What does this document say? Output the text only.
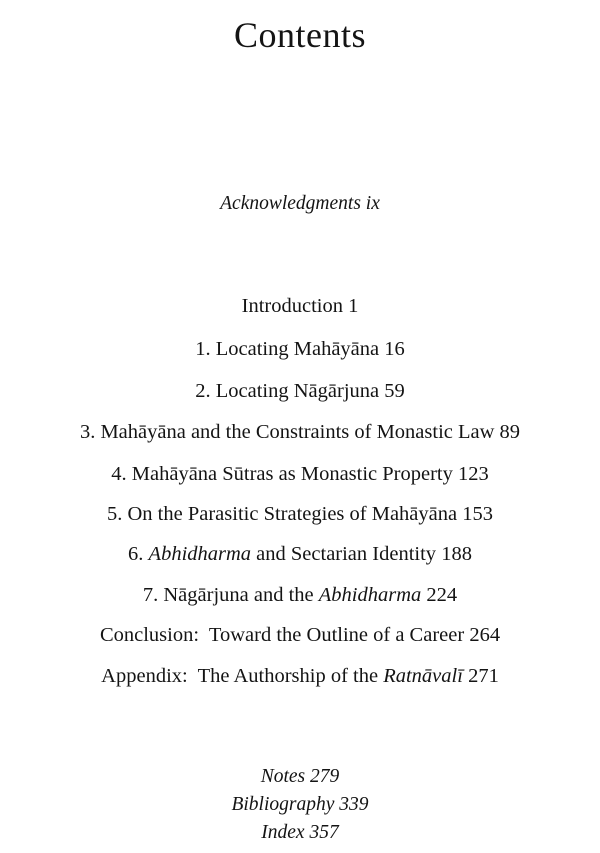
Contents
Acknowledgments ix
Introduction 1
1. Locating Mahāyāna 16
2. Locating Nāgārjuna 59
3. Mahāyāna and the Constraints of Monastic Law 89
4. Mahāyāna Sūtras as Monastic Property 123
5. On the Parasitic Strategies of Mahāyāna 153
6. Abhidharma and Sectarian Identity 188
7. Nāgārjuna and the Abhidharma 224
Conclusion:  Toward the Outline of a Career 264
Appendix:  The Authorship of the Ratnāvalī 271
Notes 279
Bibliography 339
Index 357
